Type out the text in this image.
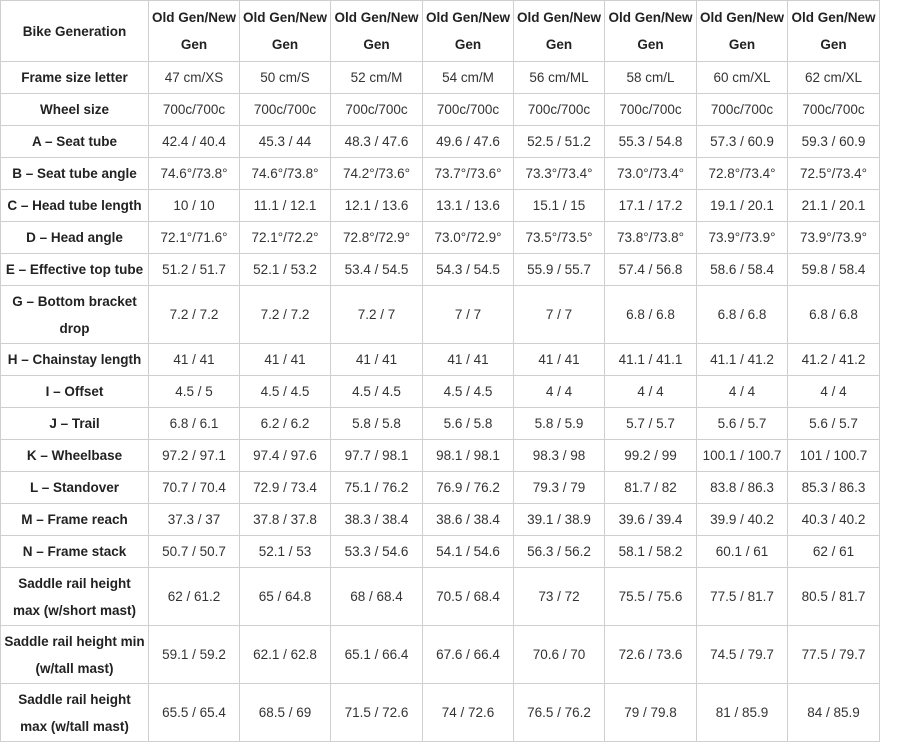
Bike Generation	Old Gen/New Gen	Old Gen/New Gen	Old Gen/New Gen	Old Gen/New Gen	Old Gen/New Gen	Old Gen/New Gen	Old Gen/New Gen	Old Gen/New Gen
Frame size letter	47 cm/XS	50 cm/S	52 cm/M	54 cm/M	56 cm/ML	58 cm/L	60 cm/XL	62 cm/XL
Wheel size	700c/700c	700c/700c	700c/700c	700c/700c	700c/700c	700c/700c	700c/700c	700c/700c
A – Seat tube	42.4 / 40.4	45.3 / 44	48.3 / 47.6	49.6 / 47.6	52.5 / 51.2	55.3 / 54.8	57.3 / 60.9	59.3 / 60.9
B – Seat tube angle	74.6°/73.8°	74.6°/73.8°	74.2°/73.6°	73.7°/73.6°	73.3°/73.4°	73.0°/73.4°	72.8°/73.4°	72.5°/73.4°
C – Head tube length	10 / 10	11.1 / 12.1	12.1 / 13.6	13.1 / 13.6	15.1 / 15	17.1 / 17.2	19.1 / 20.1	21.1 / 20.1
D – Head angle	72.1°/71.6°	72.1°/72.2°	72.8°/72.9°	73.0°/72.9°	73.5°/73.5°	73.8°/73.8°	73.9°/73.9°	73.9°/73.9°
E – Effective top tube	51.2 / 51.7	52.1 / 53.2	53.4 / 54.5	54.3 / 54.5	55.9 / 55.7	57.4 / 56.8	58.6 / 58.4	59.8 / 58.4
G – Bottom bracket drop	7.2 / 7.2	7.2 / 7.2	7.2 / 7	7 / 7	7 / 7	6.8 / 6.8	6.8 / 6.8	6.8 / 6.8
H – Chainstay length	41 / 41	41 / 41	41 / 41	41 / 41	41 / 41	41.1 / 41.1	41.1 / 41.2	41.2 / 41.2
I – Offset	4.5 / 5	4.5 / 4.5	4.5 / 4.5	4.5 / 4.5	4 / 4	4 / 4	4 / 4	4 / 4
J – Trail	6.8 / 6.1	6.2 / 6.2	5.8 / 5.8	5.6 / 5.8	5.8 / 5.9	5.7 / 5.7	5.6 / 5.7	5.6 / 5.7
K – Wheelbase	97.2 / 97.1	97.4 / 97.6	97.7 / 98.1	98.1 / 98.1	98.3 / 98	99.2 / 99	100.1 / 100.7	101 / 100.7
L – Standover	70.7 / 70.4	72.9 / 73.4	75.1 / 76.2	76.9 / 76.2	79.3 / 79	81.7 / 82	83.8 / 86.3	85.3 / 86.3
M – Frame reach	37.3 / 37	37.8 / 37.8	38.3 / 38.4	38.6 / 38.4	39.1 / 38.9	39.6 / 39.4	39.9 / 40.2	40.3 / 40.2
N – Frame stack	50.7 / 50.7	52.1 / 53	53.3 / 54.6	54.1 / 54.6	56.3 / 56.2	58.1 / 58.2	60.1 / 61	62 / 61
Saddle rail height max (w/short mast)	62 / 61.2	65 / 64.8	68 / 68.4	70.5 / 68.4	73 / 72	75.5 / 75.6	77.5 / 81.7	80.5 / 81.7
Saddle rail height min (w/tall mast)	59.1 / 59.2	62.1 / 62.8	65.1 / 66.4	67.6 / 66.4	70.6 / 70	72.6 / 73.6	74.5 / 79.7	77.5 / 79.7
Saddle rail height max (w/tall mast)	65.5 / 65.4	68.5 / 69	71.5 / 72.6	74 / 72.6	76.5 / 76.2	79 / 79.8	81 / 85.9	84 / 85.9
